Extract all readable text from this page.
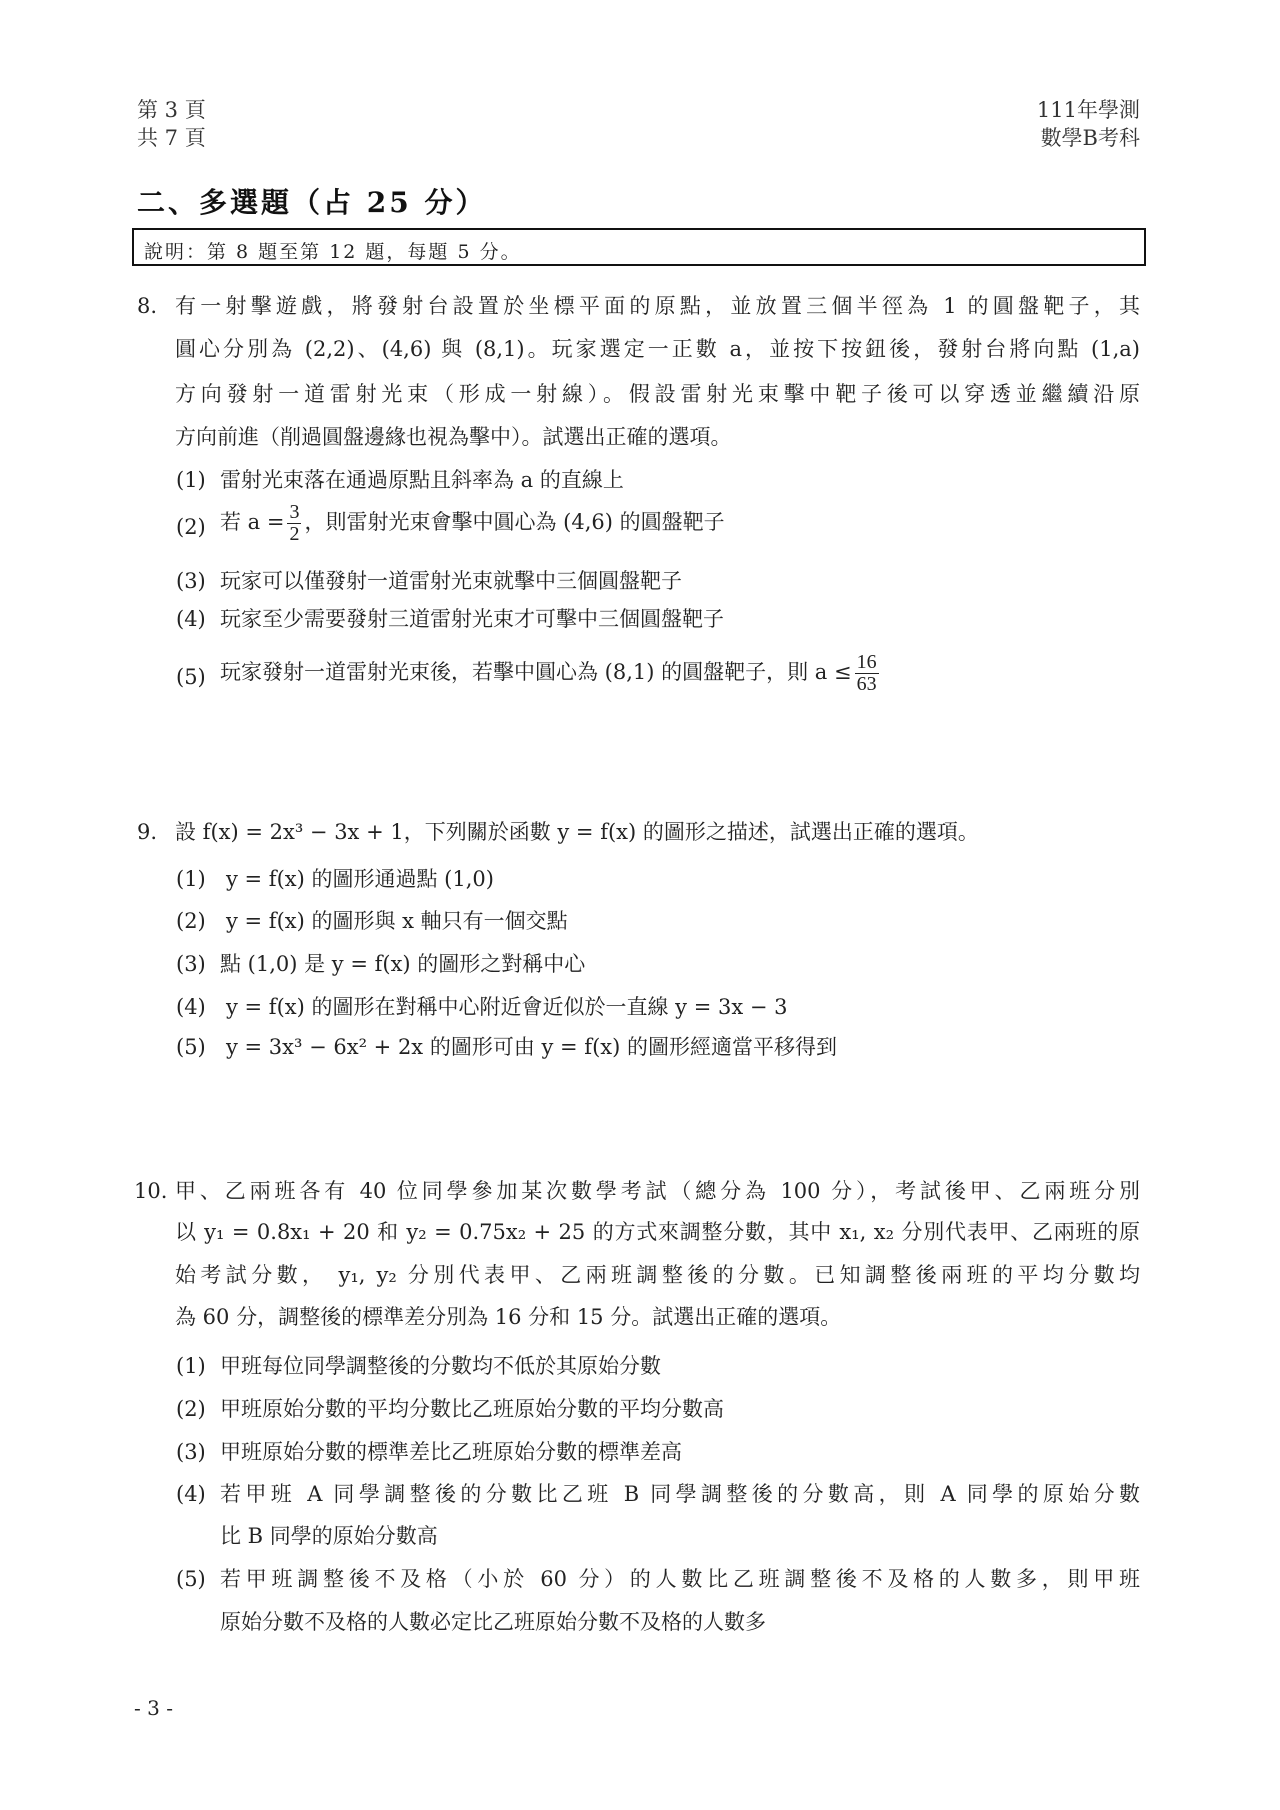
第 3 頁
共 7 頁
111年學測
數學B考科
二、多選題（占 25 分）
說明：第 8 題至第 12 題，每題 5 分。
8. 有一射擊遊戲，將發射台設置於坐標平面的原點，並放置三個半徑為 1 的圓盤靶子，其
圓心分別為 (2,2)、(4,6) 與 (8,1)。玩家選定一正數 a，並按下按鈕後，發射台將向點 (1,a)
方向發射一道雷射光束（形成一射線）。假設雷射光束擊中靶子後可以穿透並繼續沿原
方向前進（削過圓盤邊緣也視為擊中）。試選出正確的選項。
(1) 雷射光束落在通過原點且斜率為 a 的直線上
(2) 若 $a = \frac{3}{2}$ ，則雷射光束會擊中圓心為 (4,6) 的圓盤靶子
(3) 玩家可以僅發射一道雷射光束就擊中三個圓盤靶子
(4) 玩家至少需要發射三道雷射光束才可擊中三個圓盤靶子
(5) 玩家發射一道雷射光束後，若擊中圓心為 (8,1) 的圓盤靶子，則 $a \le \frac{16}{63}$
9. 設 f(x) = 2x³ − 3x + 1，下列關於函數 y = f(x) 的圖形之描述，試選出正確的選項。
(1) y = f(x) 的圖形通過點 (1,0)
(2) y = f(x) 的圖形與 x 軸只有一個交點
(3) 點 (1,0) 是 y = f(x) 的圖形之對稱中心
(4) y = f(x) 的圖形在對稱中心附近會近似於一直線 y = 3x − 3
(5) y = 3x³ − 6x² + 2x 的圖形可由 y = f(x) 的圖形經適當平移得到
10. 甲、乙兩班各有 40 位同學參加某次數學考試（總分為 100 分），考試後甲、乙兩班分別
以 y₁ = 0.8x₁ + 20 和 y₂ = 0.75x₂ + 25 的方式來調整分數，其中 x₁, x₂ 分別代表甲、乙兩班的原
始考試分數， y₁, y₂ 分別代表甲、乙兩班調整後的分數。已知調整後兩班的平均分數均
為 60 分，調整後的標準差分別為 16 分和 15 分。試選出正確的選項。
(1) 甲班每位同學調整後的分數均不低於其原始分數
(2) 甲班原始分數的平均分數比乙班原始分數的平均分數高
(3) 甲班原始分數的標準差比乙班原始分數的標準差高
(4) 若甲班 A 同學調整後的分數比乙班 B 同學調整後的分數高，則 A 同學的原始分數
比 B 同學的原始分數高
(5) 若甲班調整後不及格（小於 60 分）的人數比乙班調整後不及格的人數多，則甲班
原始分數不及格的人數必定比乙班原始分數不及格的人數多
- 3 -
